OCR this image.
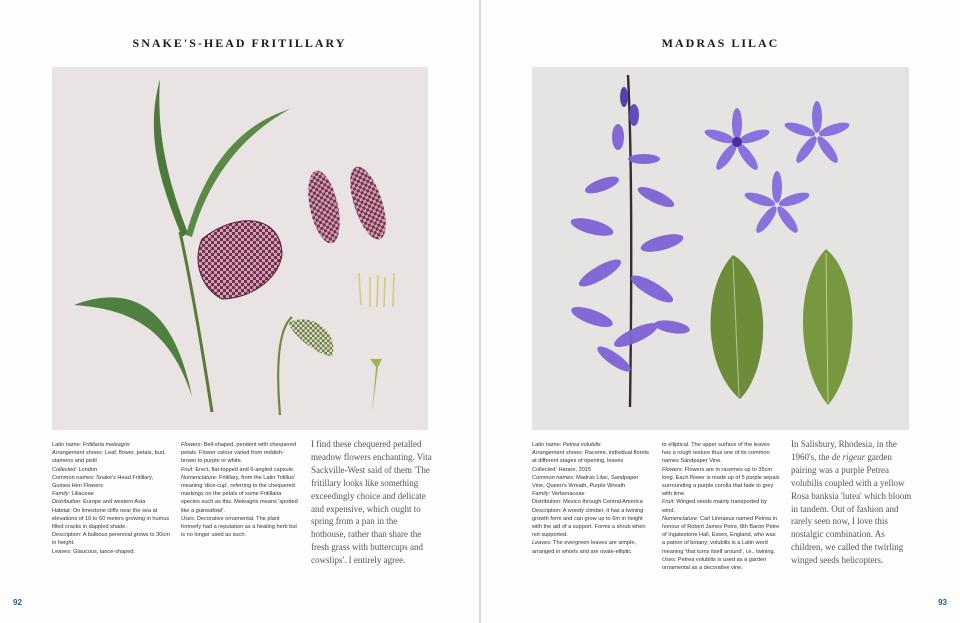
SNAKE'S-HEAD FRITILLARY
Latin name: Fritillaria meleagris
Arrangement shows: Leaf, flower, petals, bud, stamens and pistil
Collected: London
Common names: Snake's Head Fritillary, Guinea Hen Flowers
Family: Liliaceae
Distribution: Europe and western Asia
Habitat: On limestone cliffs near the sea at elevations of 10 to 60 meters growing in humus filled cracks in dappled shade.
Description: A bulbous perennial grows to 30cm in height.
Leaves: Glaucous, lance-shaped.
Flowers: Bell-shaped, pendent with chequered petals. Flower colour varied from reddish-brown to purple or white.
Fruit: Erect, flat-topped and 6-angled capsule.
Nomenclature: Fritillary, from the Latin 'fritillus' meaning 'dice-cup', referring to the chequered markings on the petals of some Fritillaria species such as this. Meleagris means 'spotted like a guineafowl'.
Uses: Decorative ornamental. The plant formerly had a reputation as a healing herb but is no longer used as such.
I find these chequered petalled meadow flowers enchanting. Vita Sackville-West said of them 'The fritillary looks like something exceedingly choice and delicate and expensive, which ought to spring from a pan in the hothouse, rather than share the fresh grass with buttercups and cowslips'. I entirely agree.
92
MADRAS LILAC
Latin name: Petrea volubilis
Arrangement shows: Raceme, individual florets at different stages of opening, leaves
Collected: Harare, 2015
Common names: Madras Lilac, Sandpaper Vine, Queen's Wreath, Purple Wreath
Family: Verbenaceae
Distribution: Mexico through Central America
Description: A woody climber, it has a twining growth form and can grow up to 6m in height with the aid of a support. Forms a shrub when not supported.
Leaves: The evergreen leaves are simple, arranged in whorls and are ovate-elliptic
to elliptical. The upper surface of the leaves has a rough texture thus one of its common names Sandpaper Vine.
Flowers: Flowers are in racemes up to 35cm long. Each flower is made up of 5 purple sepals surrounding a purple corolla that fade to grey with time.
Fruit: Winged seeds mainly transported by wind.
Nomenclature: Carl Linnaeus named Petrea in honour of Robert James Petre, 8th Baron Petre of Ingatestone Hall, Essex, England, who was a patron of botany; volubilis is a Latin word meaning 'that turns itself around', i.e., twining.
Uses: Petrea volubilis is used as a garden ornamental as a decorative vine.
In Salisbury, Rhodesia, in the 1960's, the de rigeur garden pairing was a purple Petrea volubilis coupled with a yellow Rosa banksia 'lutea' which bloom in tandem. Out of fashion and rarely seen now, I love this nostalgic combination. As children, we called the twirling winged seeds helicopters.
93
